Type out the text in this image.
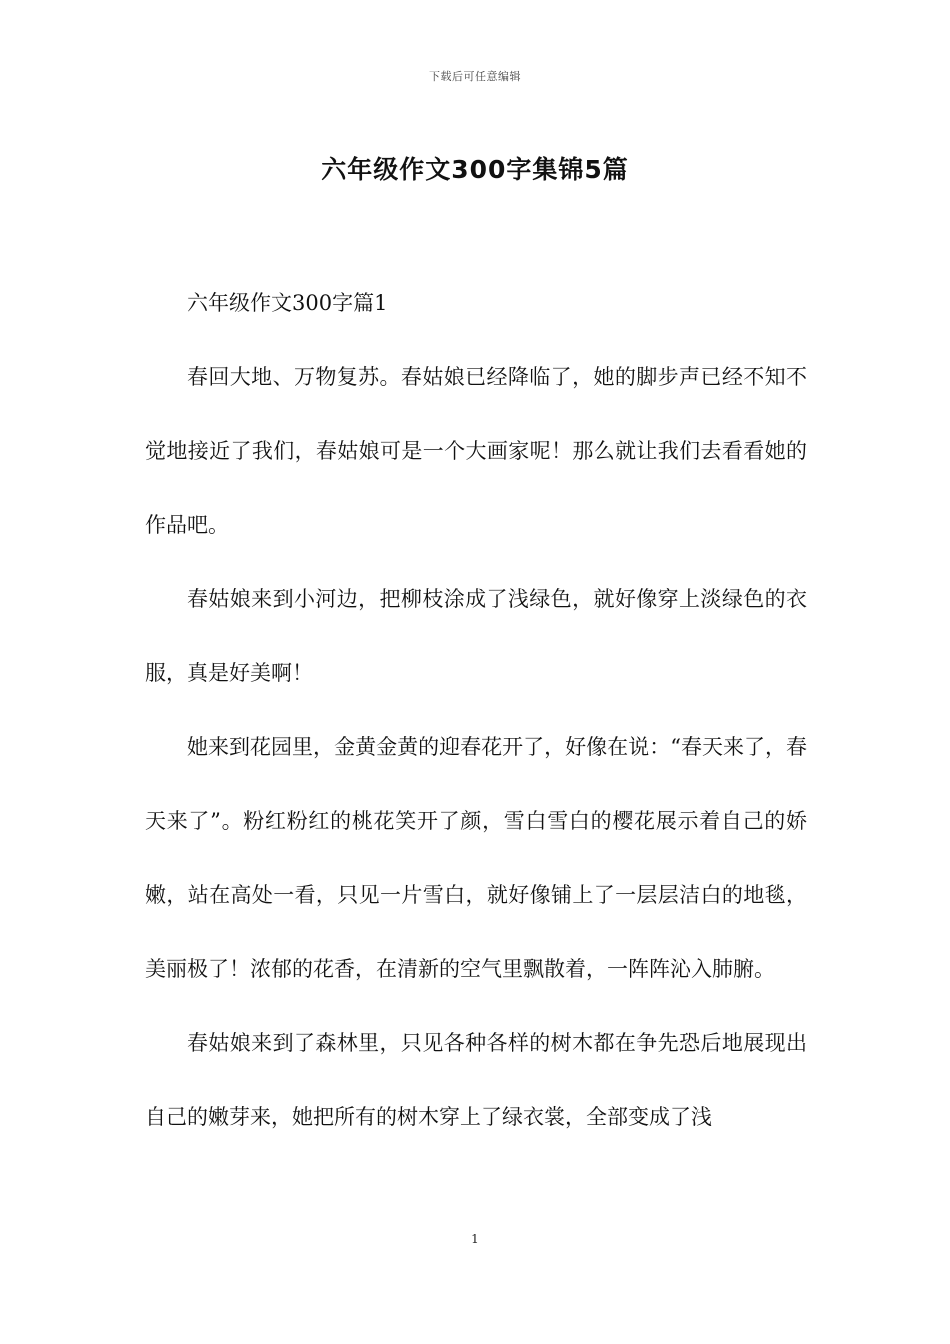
下载后可任意编辑
六年级作文300字集锦5篇

六年级作文300字篇1

春回大地、万物复苏。春姑娘已经降临了，她的脚步声已经不知不觉地接近了我们，春姑娘可是一个大画家呢！那么就让我们去看看她的作品吧。

春姑娘来到小河边，把柳枝涂成了浅绿色，就好像穿上淡绿色的衣服，真是好美啊！

她来到花园里，金黄金黄的迎春花开了，好像在说：“春天来了，春天来了”。粉红粉红的桃花笑开了颜，雪白雪白的樱花展示着自己的娇嫩，站在高处一看，只见一片雪白，就好像铺上了一层层洁白的地毯，美丽极了！浓郁的花香，在清新的空气里飘散着，一阵阵沁入肺腑。

春姑娘来到了森林里，只见各种各样的树木都在争先恐后地展现出自己的嫩芽来，她把所有的树木穿上了绿衣裳，全部变成了浅

1
